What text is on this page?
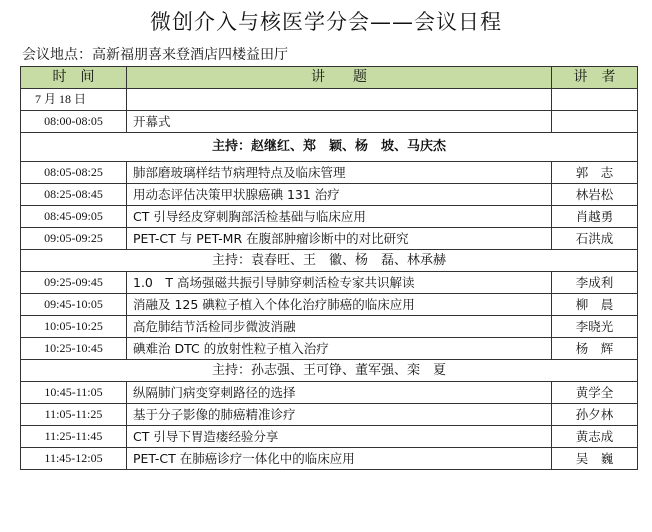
微创介入与核医学分会——会议日程
会议地点：高新福朋喜来登酒店四楼益田厅
时　间	讲　　题	讲　者
7 月 18 日		
08:00-08:05	开幕式	
主持：赵继红、郑　颖、杨　坡、马庆杰		
08:05-08:25	肺部磨玻璃样结节病理特点及临床管理	郭　志
08:25-08:45	用动态评估决策甲状腺癌碘 131 治疗	林岩松
08:45-09:05	CT 引导经皮穿刺胸部活检基础与临床应用	肖越勇
09:05-09:25	PET-CT 与 PET-MR 在腹部肿瘤诊断中的对比研究	石洪成
主持：袁春旺、王　徽、杨　磊、林承赫		
09:25-09:45	1.0　T 高场强磁共振引导肺穿刺活检专家共识解读	李成利
09:45-10:05	消融及 125 碘粒子植入个体化治疗肺癌的临床应用	柳　晨
10:05-10:25	高危肺结节活检同步微波消融	李晓光
10:25-10:45	碘难治 DTC 的放射性粒子植入治疗	杨　辉
主持：孙志强、王可铮、董军强、栾　夏		
10:45-11:05	纵隔肺门病变穿刺路径的选择	黄学全
11:05-11:25	基于分子影像的肺癌精准诊疗	孙夕林
11:25-11:45	CT 引导下胃造瘘经验分享	黄志成
11:45-12:05	PET-CT 在肺癌诊疗一体化中的临床应用	吴　巍
